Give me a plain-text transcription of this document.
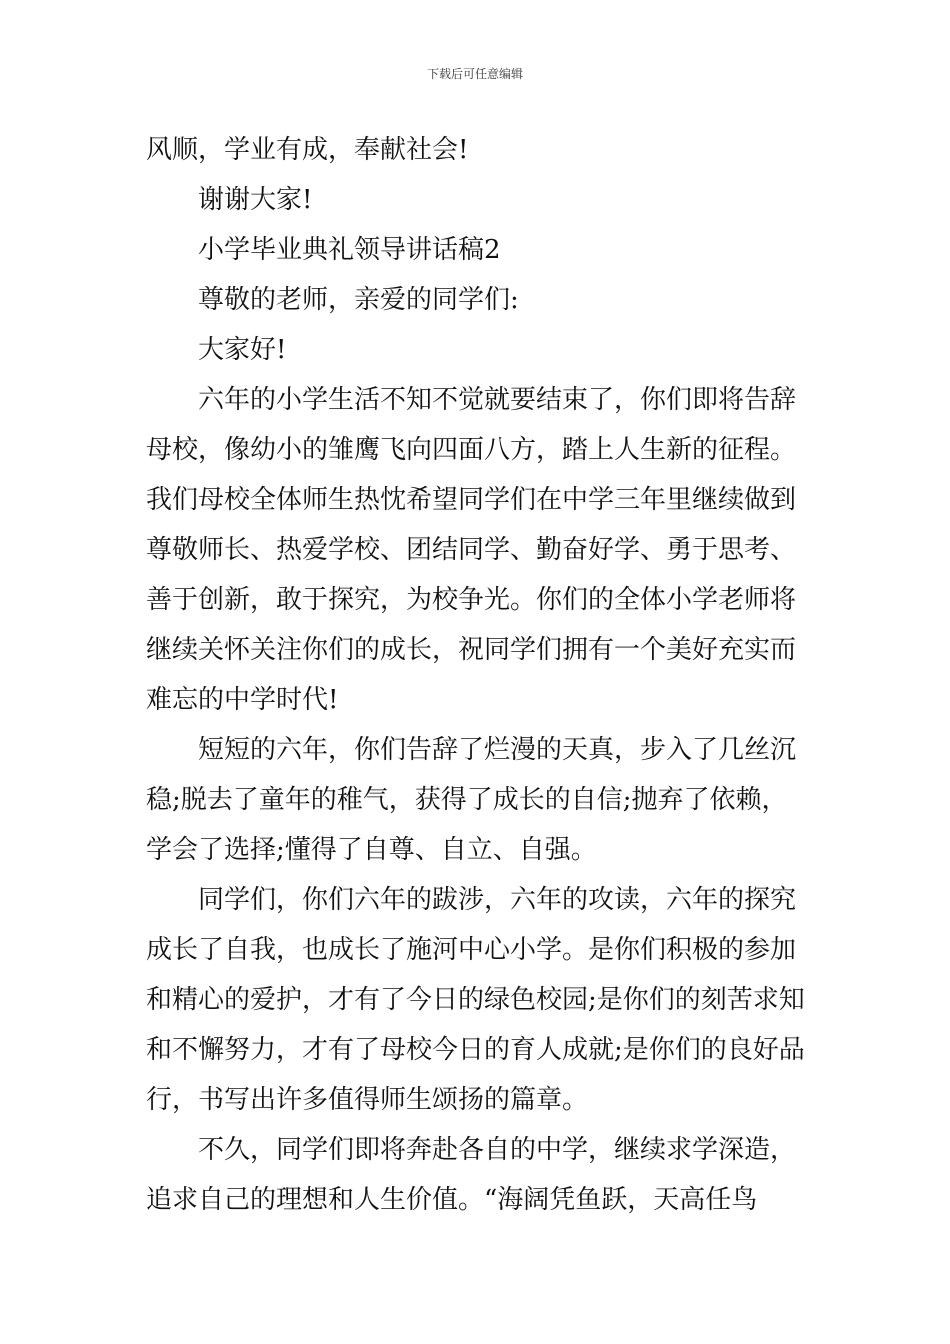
下载后可任意编辑
风顺，学业有成，奉献社会!
谢谢大家!
小学毕业典礼领导讲话稿2
尊敬的老师，亲爱的同学们:
大家好!
六年的小学生活不知不觉就要结束了，你们即将告辞
母校，像幼小的雏鹰飞向四面八方，踏上人生新的征程。
我们母校全体师生热忱希望同学们在中学三年里继续做到
尊敬师长、热爱学校、团结同学、勤奋好学、勇于思考、
善于创新，敢于探究，为校争光。你们的全体小学老师将
继续关怀关注你们的成长，祝同学们拥有一个美好充实而
难忘的中学时代!
短短的六年，你们告辞了烂漫的天真，步入了几丝沉
稳;脱去了童年的稚气，获得了成长的自信;抛弃了依赖，
学会了选择;懂得了自尊、自立、自强。
同学们，你们六年的跋涉，六年的攻读，六年的探究
成长了自我，也成长了施河中心小学。是你们积极的参加
和精心的爱护，才有了今日的绿色校园;是你们的刻苦求知
和不懈努力，才有了母校今日的育人成就;是你们的良好品
行，书写出许多值得师生颂扬的篇章。
不久，同学们即将奔赴各自的中学，继续求学深造，
追求自己的理想和人生价值。“海阔凭鱼跃，天高任鸟
